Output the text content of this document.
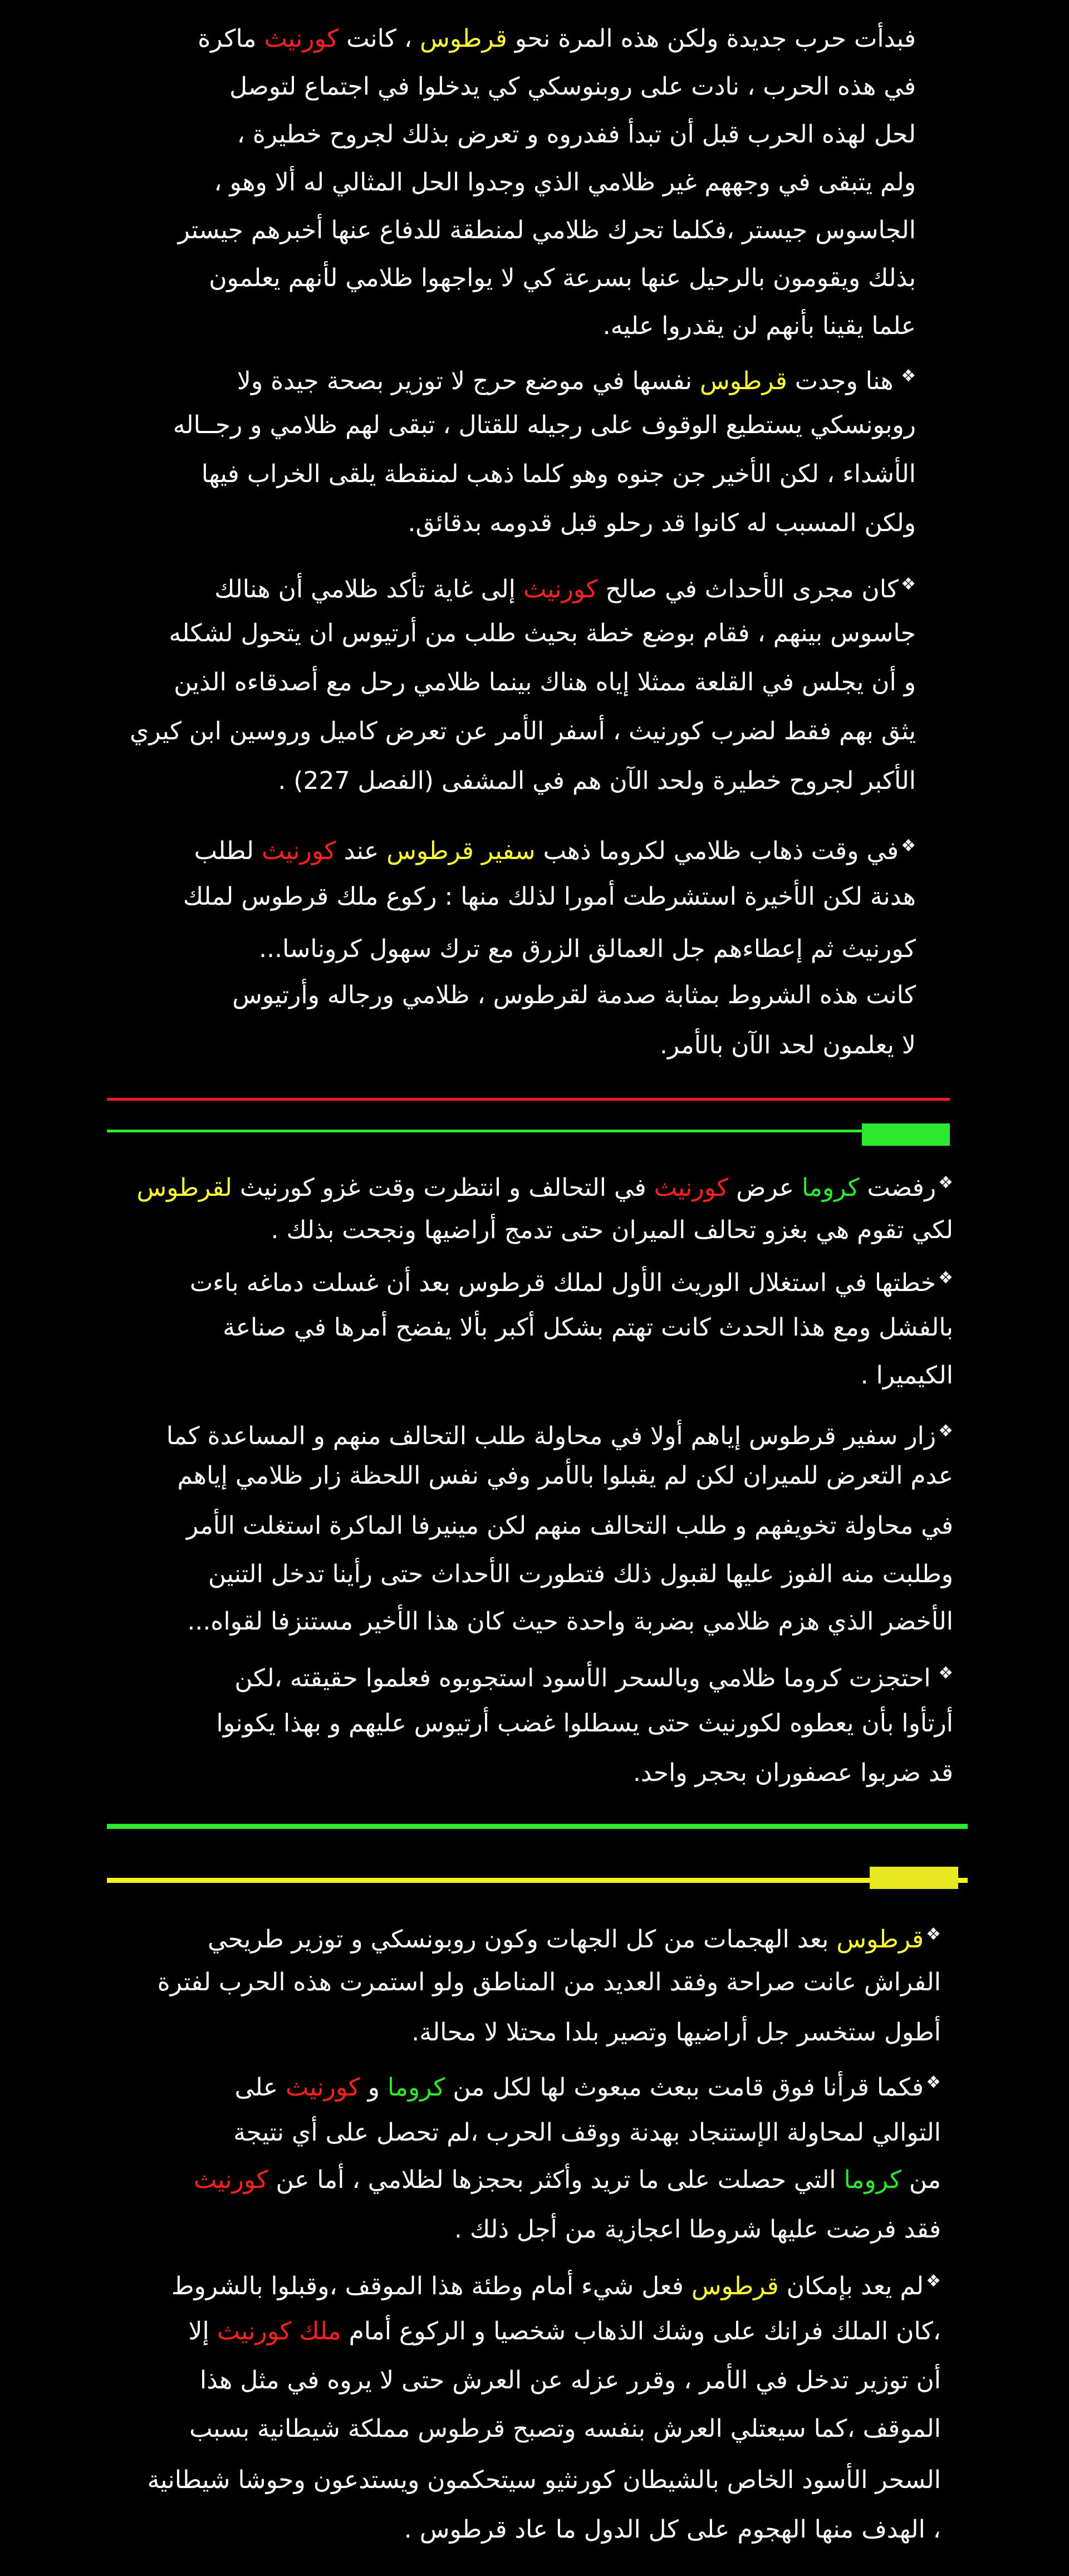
فبدأت حرب جديدة ولكن هذه المرة نحو قرطوس ، كانت كورنيث ماكرة
في هذه الحرب ، نادت على روبنوسكي كي يدخلوا في اجتماع لتوصل
لحل لهذه الحرب قبل أن تبدأ ففدروه و تعرض بذلك لجروح خطيرة ،
ولم يتبقى في وجههم غير ظلامي الذي وجدوا الحل المثالي له ألا وهو ،
الجاسوس جيستر ،فكلما تحرك ظلامي لمنطقة للدفاع عنها أخبرهم جيستر
بذلك ويقومون بالرحيل عنها بسرعة كي لا يواجهوا ظلامي لأنهم يعلمون
علما يقينا بأنهم لن يقدروا عليه.
❖ هنا وجدت قرطوس نفسها في موضع حرج لا توزير بصحة جيدة ولا
روبونسكي يستطيع الوقوف على رجيله للقتال ، تبقى لهم ظلامي و رجــاله
الأشداء ، لكن الأخير جن جنوه وهو كلما ذهب لمنقطة يلقى الخراب فيها
ولكن المسبب له كانوا قد رحلو قبل قدومه بدقائق.
❖كان مجرى الأحداث في صالح كورنيث إلى غاية تأكد ظلامي أن هنالك
جاسوس بينهم ، فقام بوضع خطة بحيث طلب من أرتيوس ان يتحول لشكله
و أن يجلس في القلعة ممثلا إياه هناك بينما ظلامي رحل مع أصدقاءه الذين
يثق بهم فقط لضرب كورنيث ، أسفر الأمر عن تعرض كاميل وروسين ابن كيري
الأكبر لجروح خطيرة ولحد الآن هم في المشفى (الفصل 227) .
❖في وقت ذهاب ظلامي لكروما ذهب سفير قرطوس عند كورنيث لطلب
هدنة لكن الأخيرة استشرطت أمورا لذلك منها : ركوع ملك قرطوس لملك
كورنيث ثم إعطاءهم جل العمالق الزرق مع ترك سهول كروناسا...
كانت هذه الشروط بمثابة صدمة لقرطوس ، ظلامي ورجاله وأرتيوس
لا يعلمون لحد الآن بالأمر.
❖رفضت كروما عرض كورنيث في التحالف و انتظرت وقت غزو كورنيث لقرطوس
لكي تقوم هي بغزو تحالف الميران حتى تدمج أراضيها ونجحت بذلك .
❖خطتها في استغلال الوريث الأول لملك قرطوس بعد أن غسلت دماغه باءت
بالفشل ومع هذا الحدث كانت تهتم بشكل أكبر بألا يفضح أمرها في صناعة
الكيميرا .
❖زار سفير قرطوس إياهم أولا في محاولة طلب التحالف منهم و المساعدة كما
عدم التعرض للميران لكن لم يقبلوا بالأمر وفي نفس اللحظة زار ظلامي إياهم
في محاولة تخويفهم و طلب التحالف منهم لكن مينيرفا الماكرة استغلت الأمر
وطلبت منه الفوز عليها لقبول ذلك فتطورت الأحداث حتى رأينا تدخل التنين
الأخضر الذي هزم ظلامي بضربة واحدة حيث كان هذا الأخير مستنزفا لقواه...
❖ احتجزت كروما ظلامي وبالسحر الأسود استجوبوه فعلموا حقيقته ،لكن
أرتأوا بأن يعطوه لكورنيث حتى يسطلوا غضب أرتيوس عليهم و بهذا يكونوا
قد ضربوا عصفوران بحجر واحد.
❖قرطوس بعد الهجمات من كل الجهات وكون روبونسكي و توزير طريحي
الفراش عانت صراحة وفقد العديد من المناطق ولو استمرت هذه الحرب لفترة
أطول ستخسر جل أراضيها وتصير بلدا محتلا لا محالة.
❖فكما قرأنا فوق قامت ببعث مبعوث لها لكل من كروما و كورنيث على
التوالي لمحاولة الإستنجاد بهدنة ووقف الحرب ،لم تحصل على أي نتيجة
من كروما التي حصلت على ما تريد وأكثر بحجزها لظلامي ، أما عن كورنيث
فقد فرضت عليها شروطا اعجازية من أجل ذلك .
❖لم يعد بإمكان قرطوس فعل شيء أمام وطئة هذا الموقف ،وقبلوا بالشروط
،كان الملك فرانك على وشك الذهاب شخصيا و الركوع أمام ملك كورنيث إلا
أن توزير تدخل في الأمر ، وقرر عزله عن العرش حتى لا يروه في مثل هذا
الموقف ،كما سيعتلي العرش بنفسه وتصبح قرطوس مملكة شيطانية بسبب
السحر الأسود الخاص بالشيطان كورنثيو سيتحكمون ويستدعون وحوشا شيطانية
، الهدف منها الهجوم على كل الدول ما عاد قرطوس .
